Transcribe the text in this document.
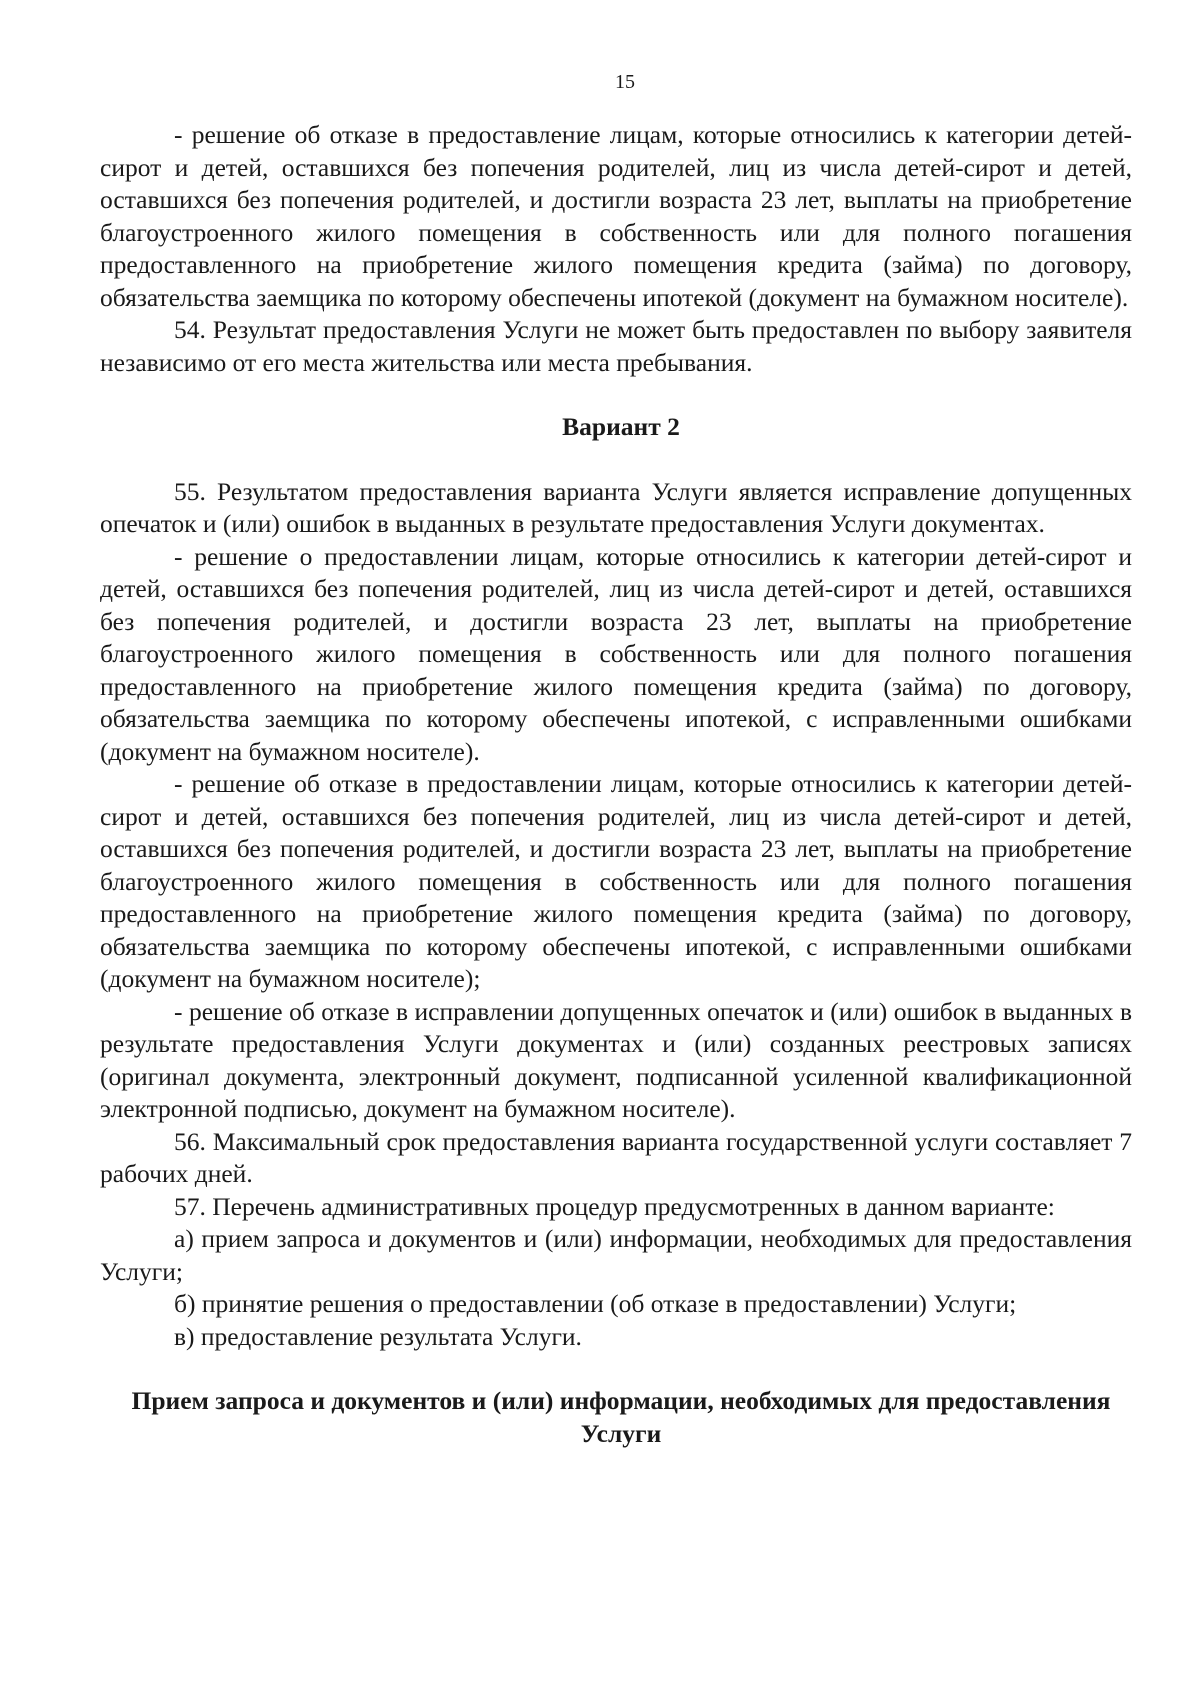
15

- решение об отказе в предоставление лицам, которые относились к категории детей-сирот и детей, оставшихся без попечения родителей, лиц из числа детей-сирот и детей, оставшихся без попечения родителей, и достигли возраста 23 лет, выплаты на приобретение благоустроенного жилого помещения в собственность или для полного погашения предоставленного на приобретение жилого помещения кредита (займа) по договору, обязательства заемщика по которому обеспечены ипотекой (документ на бумажном носителе).

54. Результат предоставления Услуги не может быть предоставлен по выбору заявителя независимо от его места жительства или места пребывания.

Вариант 2

55. Результатом предоставления варианта Услуги является исправление допущенных опечаток и (или) ошибок в выданных в результате предоставления Услуги документах.

- решение о предоставлении лицам, которые относились к категории детей-сирот и детей, оставшихся без попечения родителей, лиц из числа детей-сирот и детей, оставшихся без попечения родителей, и достигли возраста 23 лет, выплаты на приобретение благоустроенного жилого помещения в собственность или для полного погашения предоставленного на приобретение жилого помещения кредита (займа) по договору, обязательства заемщика по которому обеспечены ипотекой, с исправленными ошибками (документ на бумажном носителе).

- решение об отказе в предоставлении лицам, которые относились к категории детей-сирот и детей, оставшихся без попечения родителей, лиц из числа детей-сирот и детей, оставшихся без попечения родителей, и достигли возраста 23 лет, выплаты на приобретение благоустроенного жилого помещения в собственность или для полного погашения предоставленного на приобретение жилого помещения кредита (займа) по договору, обязательства заемщика по которому обеспечены ипотекой, с исправленными ошибками (документ на бумажном носителе);

- решение об отказе в исправлении допущенных опечаток и (или) ошибок в выданных в результате предоставления Услуги документах и (или) созданных реестровых записях (оригинал документа, электронный документ, подписанной усиленной квалификационной электронной подписью, документ на бумажном носителе).

56. Максимальный срок предоставления варианта государственной услуги составляет 7 рабочих дней.

57. Перечень административных процедур предусмотренных в данном варианте:

а) прием запроса и документов и (или) информации, необходимых для предоставления Услуги;

б) принятие решения о предоставлении (об отказе в предоставлении) Услуги;

в) предоставление результата Услуги.

Прием запроса и документов и (или) информации, необходимых для предоставления Услуги
